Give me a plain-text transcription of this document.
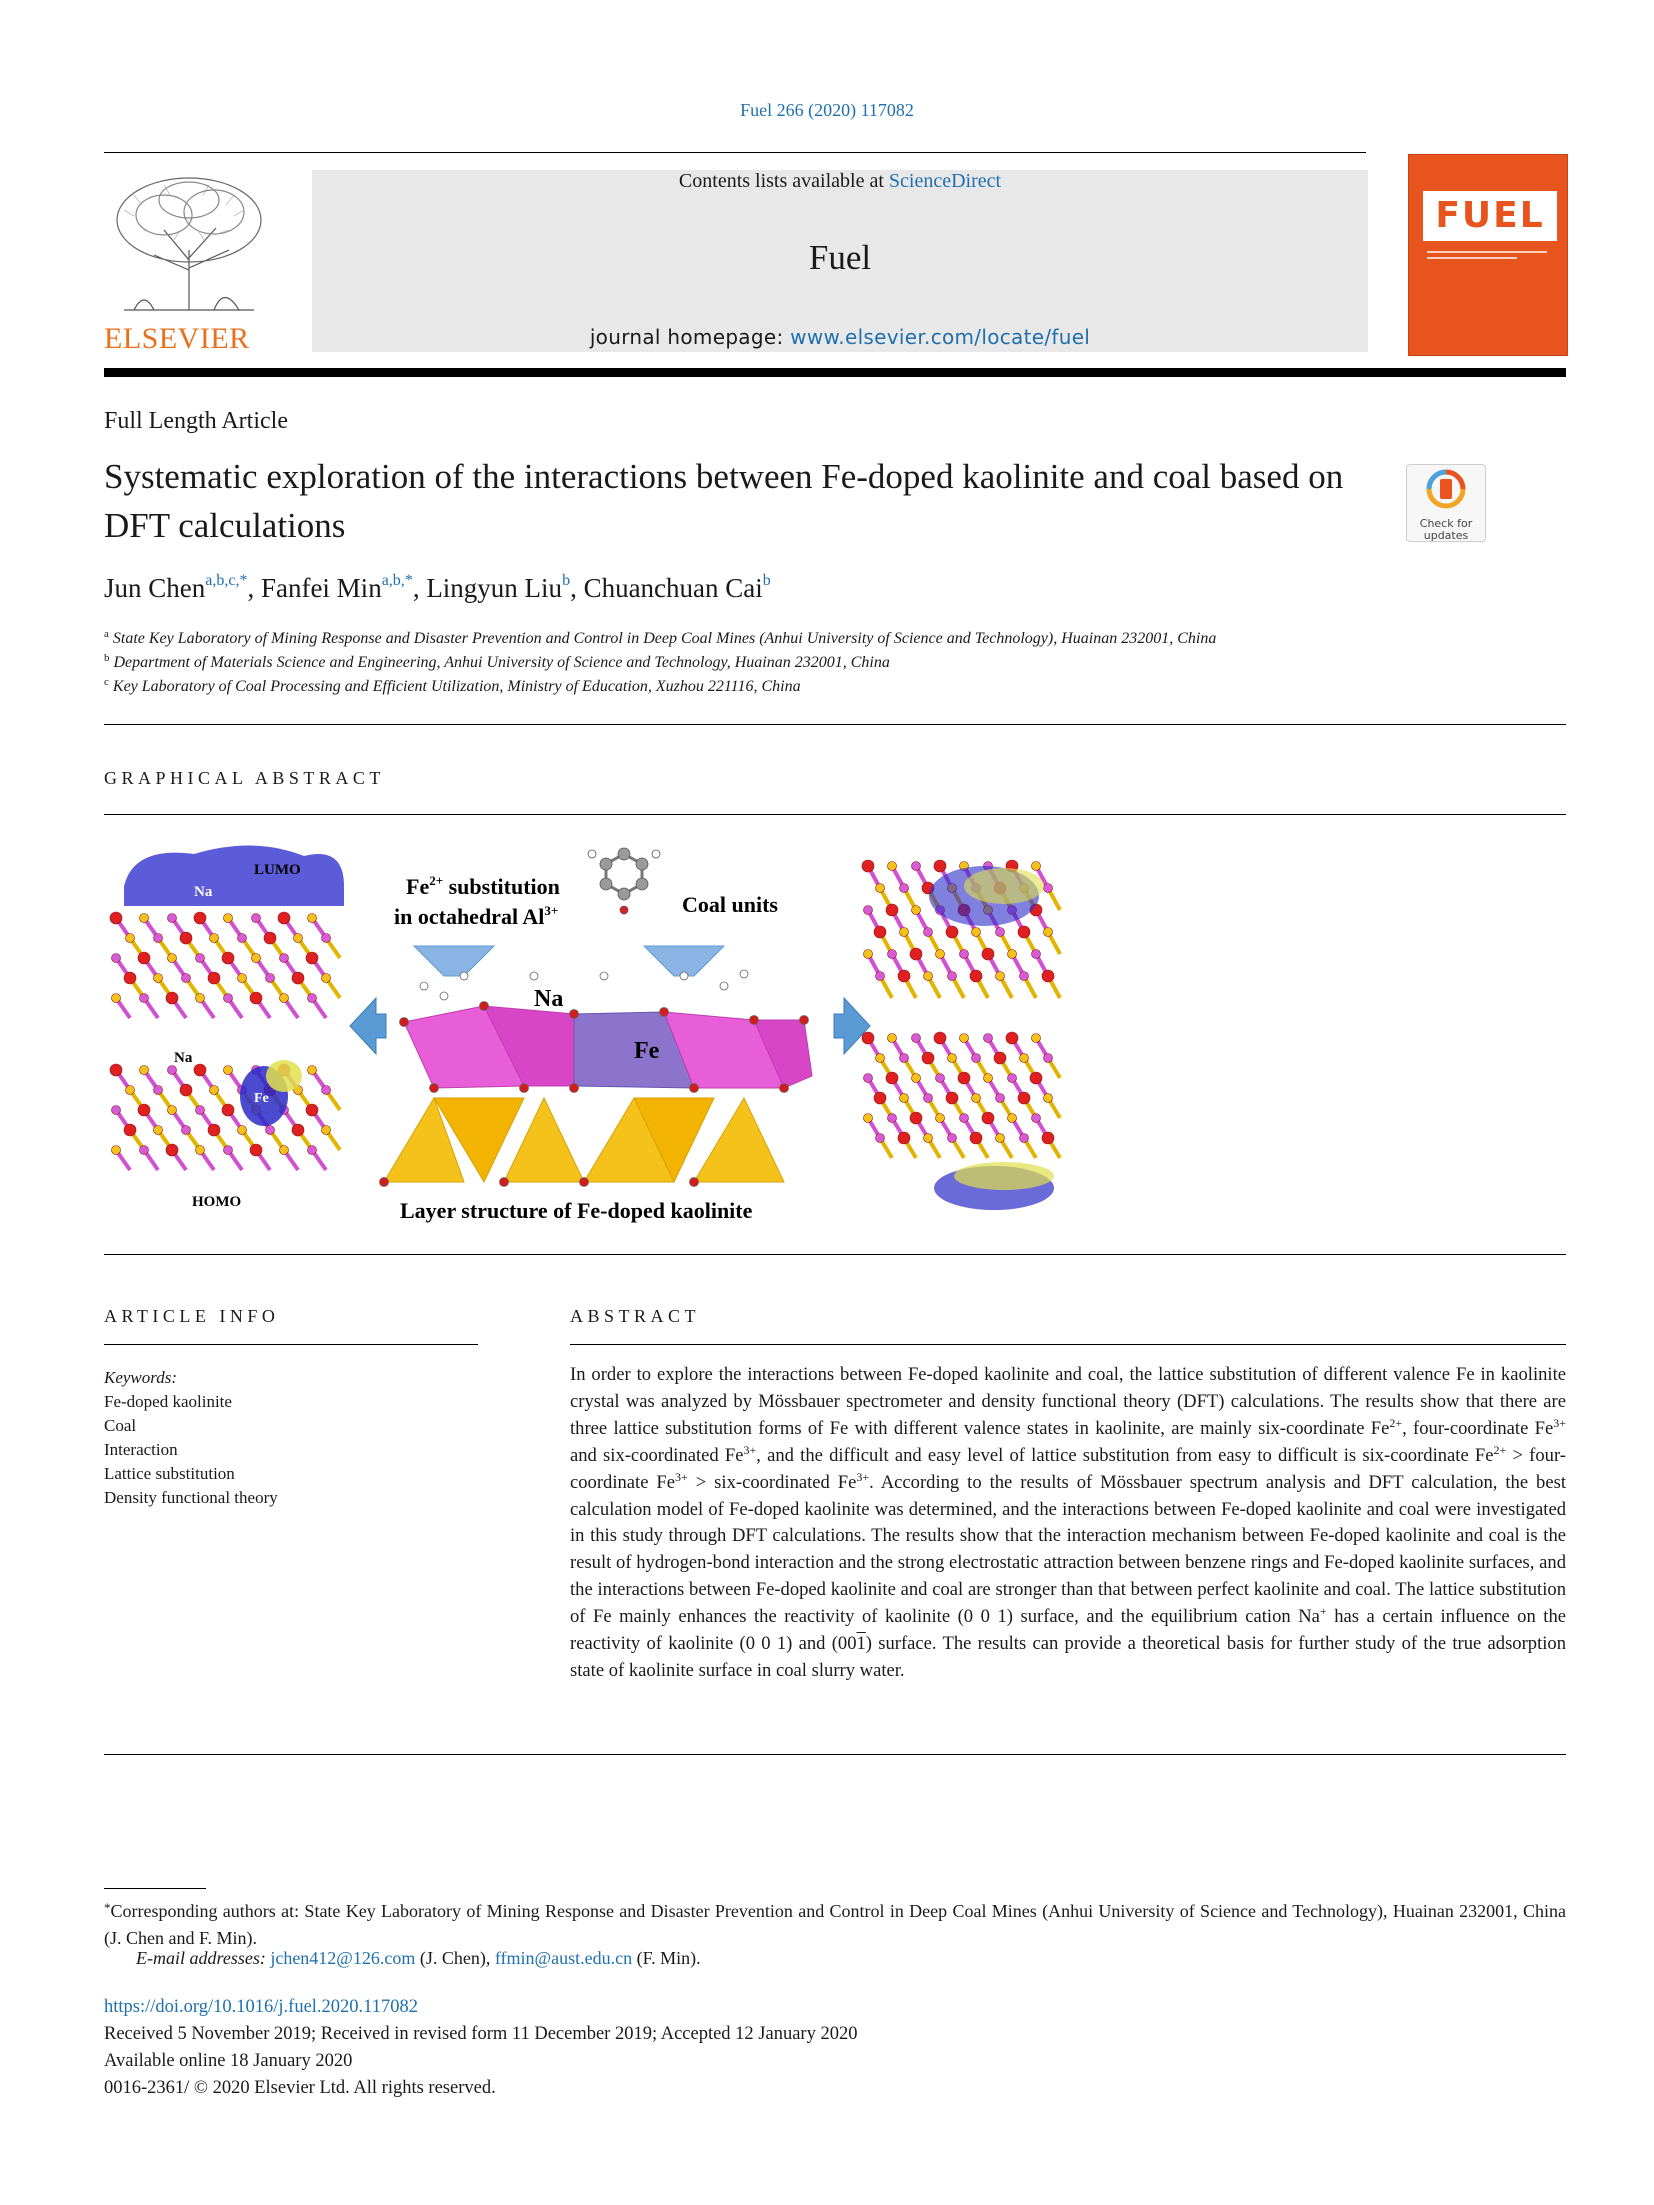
Fuel 266 (2020) 117082
ELSEVIER
Contents lists available at ScienceDirect
Fuel
journal homepage: www.elsevier.com/locate/fuel
FUEL
Full Length Article
Systematic exploration of the interactions between Fe-doped kaolinite and coal based on DFT calculations	Check for
updates
Jun Chen$^{a,b,c,*}$, Fanfei Min$^{a,b,*}$, Lingyun Liu$^b$, Chuanchuan Cai$^b$
$^a$ State Key Laboratory of Mining Response and Disaster Prevention and Control in Deep Coal Mines (Anhui University of Science and Technology), Huainan 232001, China
$^b$ Department of Materials Science and Engineering, Anhui University of Science and Technology, Huainan 232001, China
$^c$ Key Laboratory of Coal Processing and Efficient Utilization, Ministry of Education, Xuzhou 221116, China
GRAPHICAL ABSTRACT
Na
LUMO
Na
Fe
HOMO
$Fe^{2+}$ substitution
in octahedral $Al^{3+}$	Coal units
Na
Fe
Layer structure of Fe-doped kaolinite
ARTICLE INFO	ABSTRACT
Keywords:
Fe-doped kaolinite
Coal
Interaction
Lattice substitution
Density functional theory
In order to explore the interactions between Fe-doped kaolinite and coal, the lattice substitution of different valence Fe in kaolinite crystal was analyzed by Mössbauer spectrometer and density functional theory (DFT) calculations. The results show that there are three lattice substitution forms of Fe with different valence states in kaolinite, are mainly six-coordinate $Fe^{2+}$, four-coordinate $Fe^{3+}$ and six-coordinated $Fe^{3+}$, and the difficult and easy level of lattice substitution from easy to difficult is six-coordinate $Fe^{2+}$ > four-coordinate $Fe^{3+}$ > six-coordinated $Fe^{3+}$. According to the results of Mössbauer spectrum analysis and DFT calculation, the best calculation model of Fe-doped kaolinite was determined, and the interactions between Fe-doped kaolinite and coal were investigated in this study through DFT calculations. The results show that the interaction mechanism between Fe-doped kaolinite and coal is the result of hydrogen-bond interaction and the strong electrostatic attraction between benzene rings and Fe-doped kaolinite surfaces, and the interactions between Fe-doped kaolinite and coal are stronger than that between perfect kaolinite and coal. The lattice substitution of Fe mainly enhances the reactivity of kaolinite (0 0 1) surface, and the equilibrium cation Na+ has a certain influence on the reactivity of kaolinite (0 0 1) and (001) surface. The results can provide a theoretical basis for further study of the true adsorption state of kaolinite surface in coal slurry water.
*Corresponding authors at: State Key Laboratory of Mining Response and Disaster Prevention and Control in Deep Coal Mines (Anhui University of Science and Technology), Huainan 232001, China (J. Chen and F. Min).
E-mail addresses: jchen412@126.com (J. Chen), ffmin@aust.edu.cn (F. Min).
https://doi.org/10.1016/j.fuel.2020.117082
Received 5 November 2019; Received in revised form 11 December 2019; Accepted 12 January 2020
Available online 18 January 2020
0016-2361/ © 2020 Elsevier Ltd. All rights reserved.
